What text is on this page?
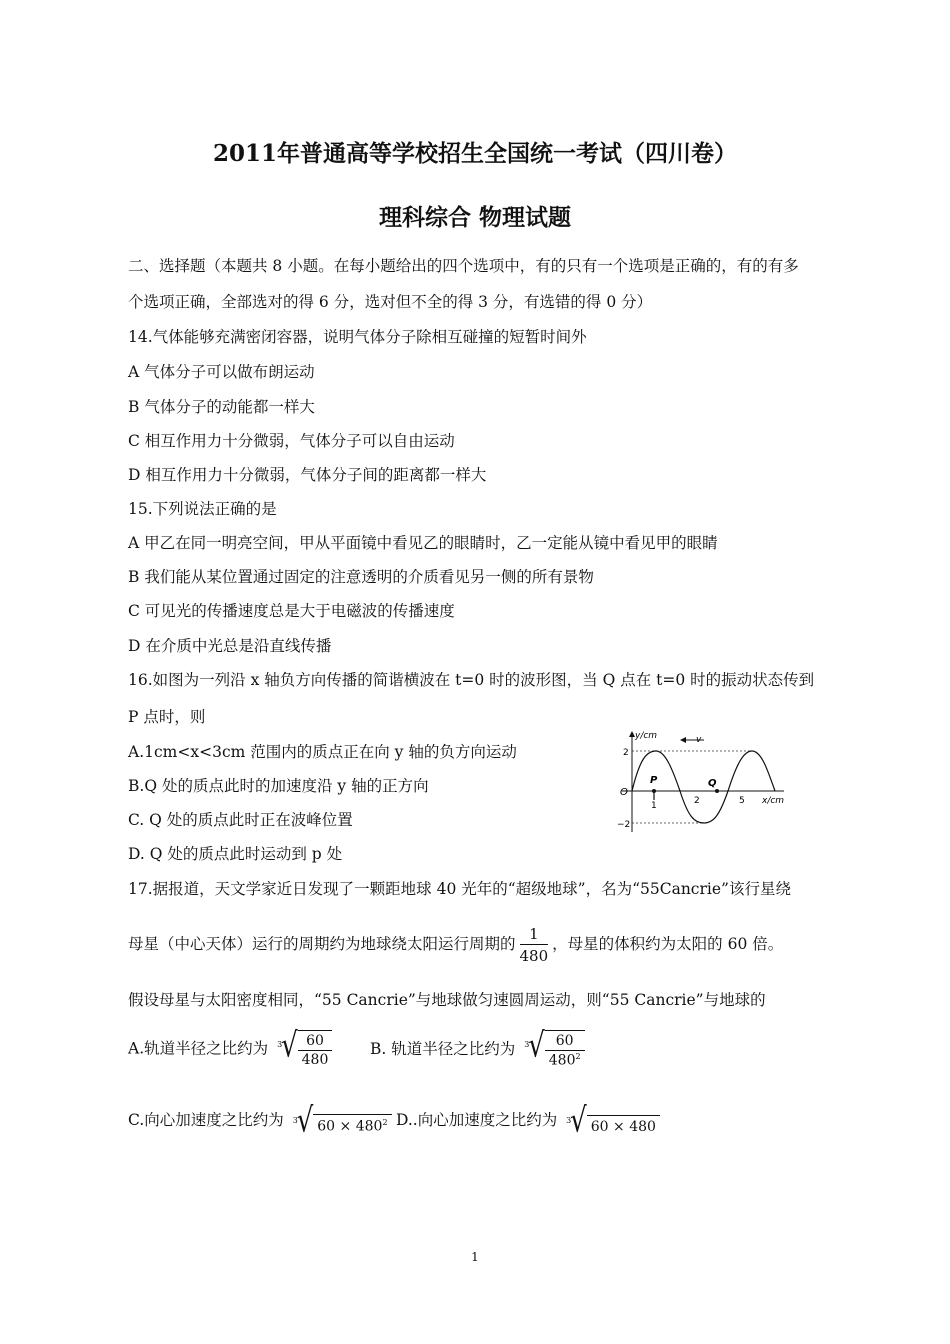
2011年普通高等学校招生全国统一考试（四川卷）
理科综合 物理试题
二、选择题（本题共 8 小题。在每小题给出的四个选项中，有的只有一个选项是正确的，有的有多
个选项正确，全部选对的得 6 分，选对但不全的得 3 分，有选错的得 0 分）
14.气体能够充满密闭容器，说明气体分子除相互碰撞的短暂时间外
A 气体分子可以做布朗运动
B 气体分子的动能都一样大
C 相互作用力十分微弱，气体分子可以自由运动
D 相互作用力十分微弱，气体分子间的距离都一样大
15.下列说法正确的是
A 甲乙在同一明亮空间，甲从平面镜中看见乙的眼睛时，乙一定能从镜中看见甲的眼睛
B 我们能从某位置通过固定的注意透明的介质看见另一侧的所有景物
C 可见光的传播速度总是大于电磁波的传播速度
D 在介质中光总是沿直线传播
16.如图为一列沿 x 轴负方向传播的简谐横波在 t=0 时的波形图，当 Q 点在 t=0 时的振动状态传到
P 点时，则
A.1cm<x<3cm 范围内的质点正在向 y 轴的负方向运动
B.Q 处的质点此时的加速度沿 y 轴的正方向
C. Q 处的质点此时正在波峰位置
D. Q 处的质点此时运动到 p 处
y/cm
x/cm
O
v
2
−2
1	2	5
P	Q
17.据报道，天文学家近日发现了一颗距地球 40 光年的“超级地球”，名为“55Cancrie”该行星绕
母星（中心天体）运行的周期约为地球绕太阳运行周期的 $\frac{1}{480}$ ，母星的体积约为太阳的 60 倍。
假设母星与太阳密度相同，“55 Cancrie”与地球做匀速圆周运动，则“55 Cancrie”与地球的
A.轨道半径之比约为 3
√ $\frac{60}{480} B$. 轨道半径之比约为 3
√ $\frac{60}{480^2}$
C.向心加速度之比约为 3
√ $60 \times 480^2$ D..向心加速度之比约为 3
√ 60 × 480
1
